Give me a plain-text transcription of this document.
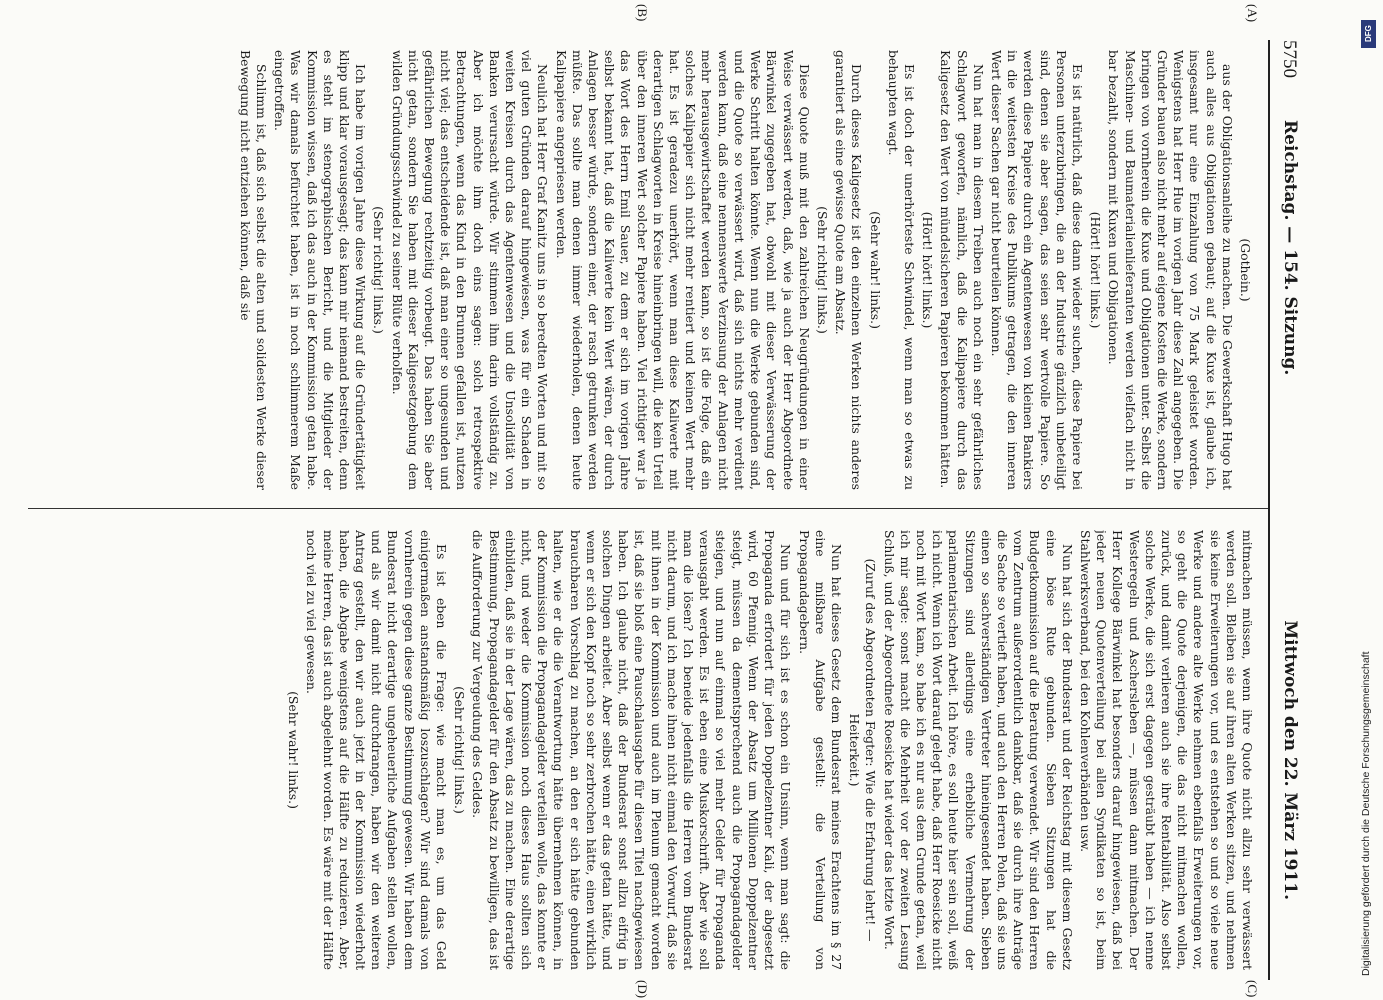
5750
Reichstag. — 154. Sitzung.
Mittwoch den 22. März 1911.
(A)
(B)
(C)
(D)

(Gothein.)

aus der Obligationsanleihe zu machen. Die Gewerkschaft Hugo hat auch alles aus Obligationen gebaut; auf die Kuxe ist, glaube ich, insgesamt nur eine Einzahlung von 75 Mark geleistet worden. Wenigstens hat Herr Hue im vorigen Jahr diese Zahl angegeben. Die Gründer bauen also nicht mehr auf eigene Kosten die Werke, sondern bringen von vornherein die Kuxe und Obligationen unter. Selbst die Maschinen- und Baumaterialienlieferanten werden vielfach nicht in bar bezahlt, sondern mit Kuxen und Obligationen.

(Hört! hört! links.)

Es ist natürlich, daß diese dann wieder suchen, diese Papiere bei Personen unterzubringen, die an der Industrie gänzlich unbeteiligt sind, denen sie aber sagen, das seien sehr wertvolle Papiere. So werden diese Papiere durch ein Agentenwesen von kleinen Bankiers in die weitesten Kreise des Publikums getragen, die den inneren Wert dieser Sachen gar nicht beurteilen können.

Nun hat man in diesem Treiben auch noch ein sehr gefährliches Schlagwort geworfen, nämlich, daß die Kalipapiere durch das Kaligesetz den Wert von mündelsicheren Papieren bekommen hätten.

(Hört! hört! links.)

Es ist doch der unerhörteste Schwindel, wenn man so etwas zu behaupten wagt.

(Sehr wahr! links.)

Durch dieses Kaligesetz ist den einzelnen Werken nichts anderes garantiert als eine gewisse Quote am Absatz.

(Sehr richtig! links.)

Diese Quote muß mit den zahlreichen Neugründungen in einer Weise verwässert werden, daß, wie ja auch der Herr Abgeordnete Bärwinkel zugegeben hat, obwohl mit dieser Verwässerung der Werke Schritt halten könnte. Wenn nun die Werke gebunden sind, und die Quote so verwässert wird, daß sich nichts mehr verdient werden kann, daß eine nennenswerte Verzinsung der Anlagen nicht mehr herausgewirtschaftet werden kann, so ist die Folge, daß ein solches Kalipapier sich nicht mehr rentiert und keinen Wert mehr hat. Es ist geradezu unerhört, wenn man diese Kaliwerte mit derartigen Schlagworten in Kreise hineinbringen will, die kein Urteil über den inneren Wert solcher Papiere haben. Viel richtiger war ja das Wort des Herrn Emil Sauer, zu dem er sich im vorigen Jahre selbst bekannt hat, daß die Kaliwerte kein Wert wären, der durch Anlagen besser würde, sondern einer, der rasch getrunken werden müßte. Das sollte man denen immer wiederholen, denen heute Kalipapiere angepriesen werden.

Neulich hat Herr Graf Kanitz uns in so beredten Worten und mit so viel guten Gründen darauf hingewiesen, was für ein Schaden in weiten Kreisen durch das Agentenwesen und die Unsolidität von Banken verursacht würde. Wir stimmen ihm darin vollständig zu. Aber ich möchte ihm doch eins sagen: solch retrospektive Betrachtungen, wenn das Kind in den Brunnen gefallen ist, nutzen nicht viel; das entscheidende ist, daß man einer so ungesunden und gefährlichen Bewegung rechtzeitig vorbeugt. Das haben Sie aber nicht getan, sondern Sie haben mit dieser Kaligesetzgebung dem wilden Gründungsschwindel zu seiner Blüte verholfen.

(Sehr richtig! links.)

Ich habe im vorigen Jahre diese Wirkung auf die Gründertätigkeit klipp und klar vorausgesagt; das kann mir niemand bestreiten, denn es steht im stenographischen Bericht, und die Mitglieder der Kommission wissen, daß ich das auch in der Kommission getan habe. Was wir damals befürchtet haben, ist in noch schlimmerem Maße eingetroffen.

Schlimm ist, daß sich selbst die alten und solidesten Werke dieser Bewegung nicht entziehen können, daß sie

mitmachen müssen, wenn ihre Quote nicht allzu sehr verwässert werden soll. Bleiben sie auf ihren alten Werken sitzen, und nehmen sie keine Erweiterungen vor, und es entstehen so und so viele neue Werke und andere alte Werke nehmen ebenfalls Erweiterungen vor, so geht die Quote derjenigen, die das nicht mitmachen wollen, zurück, und damit verlieren auch sie ihre Rentabilität. Also selbst solche Werke, die sich erst dagegen gesträubt haben — ich nenne Westeregeln und Aschersleben —, müssen dann mitmachen. Der Herr Kollege Bärwinkel hat besonders darauf hingewiesen, daß bei jeder neuen Quotenverteilung bei allen Syndikaten so ist, beim Stahlwerksverband, bei den Kohlenverbänden usw.

Nun hat sich der Bundesrat und der Reichstag mit diesem Gesetz eine böse Rute gebunden. Sieben Sitzungen hat die Budgetkommission auf die Beratung verwendet. Wir sind den Herren vom Zentrum außerordentlich dankbar, daß sie durch ihre Anträge die Sache so vertieft haben, und auch den Herren Polen, daß sie uns einen so sachverständigen Vertreter hineingesendet haben. Sieben Sitzungen sind allerdings eine erhebliche Vermehrung der parlamentarischen Arbeit. Ich höre, es soll heute hier sein soll, weiß ich nicht. Wenn ich Wort darauf gelegt habe, daß Herr Roesicke nicht noch mit Wort kam, so habe ich es nur aus dem Grunde getan, weil ich mir sagte: sonst macht die Mehrheit vor der zweiten Lesung Schluß, und der Abgeordnete Roesicke hat wieder das letzte Wort.

(Zuruf des Abgeordneten Fegter: Wie die Erfahrung lehrt! — Heiterkeit.)

Nun hat dieses Gesetz dem Bundesrat meines Erachtens im § 27 eine mißbare Aufgabe gestellt: die Verteilung von Propagandagebern.

Nun und für sich ist es schon ein Unsinn, wenn man sagt: die Propaganda erfordert für jeden Doppelzentner Kali, der abgesetzt wird, 60 Pfennig. Wenn der Absatz um Millionen Doppelzentner steigt, müssen da dementsprechend auch die Propagandagelder steigen, und nun auf einmal so viel mehr Gelder für Propaganda verausgabt werden. Es ist eben eine Muskorschrift. Aber wie soll man die lösen? Ich beneide jedenfalls die Herren vom Bundesrat nicht darum, und ich mache ihnen nicht einmal den Vorwurf, daß sie mit ihnen in der Kommission und auch im Plenum gemacht worden ist, daß sie bloß eine Pauschalausgabe für diesen Titel nachgewiesen haben. Ich glaube nicht, daß der Bundesrat sonst allzu eifrig in solchen Dingen arbeitet. Aber selbst wenn er das getan hätte, und wenn er sich den Kopf noch so sehr zerbrochen hätte, einen wirklich brauchbaren Vorschlag zu machen, an den er sich hätte gebunden halten, wie er die die Verantwortung hätte übernehmen können, in der Kommission die Propagandagelder verteilen wolle, das konnte er nicht, und weder die Kommission noch dieses Haus sollten sich einbilden, daß sie in der Lage wären, das zu machen. Eine derartige Bestimmung, Propagandagelder für den Absatz zu bewilligen, das ist die Aufforderung zur Vergeudung des Geldes.

(Sehr richtig! links.)

Es ist eben die Frage: wie macht man es, um das Geld einigermaßen anstandsmäßig loszuschlagen? Wir sind damals von vornherein gegen diese ganze Bestimmung gewesen. Wir haben dem Bundesrat nicht derartige ungeheuerliche Aufgaben stellen wollen, und als wir damit nicht durchdrangen, haben wir den weiteren Antrag gestellt, den wir auch jetzt in der Kommission wiederholt haben, die Abgabe wenigstens auf die Hälfte zu reduzieren. Aber, meine Herren, das ist auch abgelehnt worden. Es wäre mit der Hälfte noch viel zu viel gewesen.

(Sehr wahr! links.)

DFG
Digitalisierung gefördert durch die Deutsche Forschungsgemeinschaft
